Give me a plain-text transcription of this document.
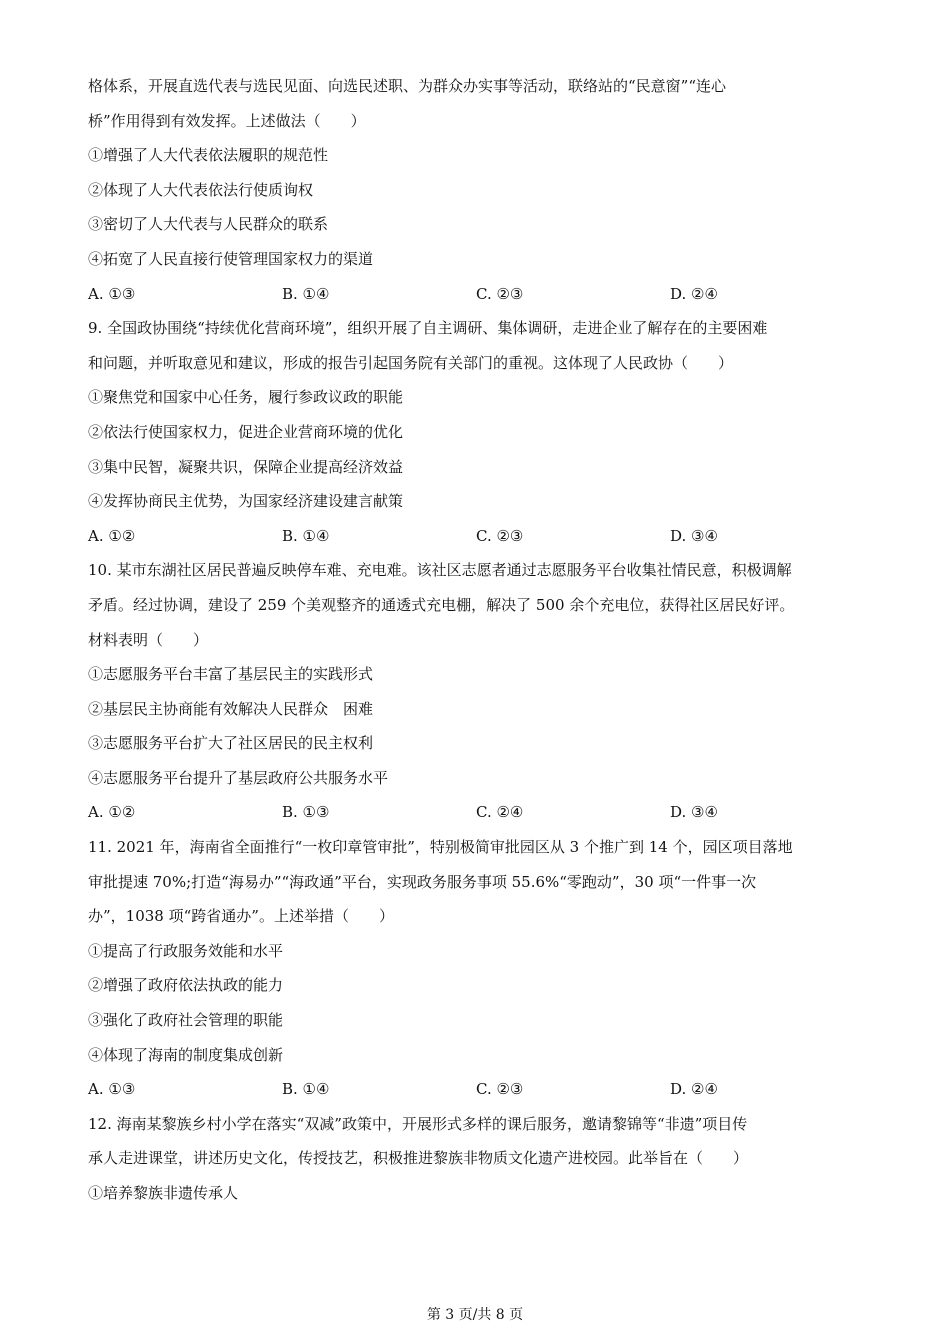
格体系，开展直选代表与选民见面、向选民述职、为群众办实事等活动，联络站的“民意窗”“连心
桥”作用得到有效发挥。上述做法（　　）
①增强了人大代表依法履职的规范性
②体现了人大代表依法行使质询权
③密切了人大代表与人民群众的联系
④拓宽了人民直接行使管理国家权力的渠道
A. ①③	B. ①④	C. ②③	D. ②④
9. 全国政协围绕“持续优化营商环境”，组织开展了自主调研、集体调研，走进企业了解存在的主要困难
和问题，并听取意见和建议，形成的报告引起国务院有关部门的重视。这体现了人民政协（　　）
①聚焦党和国家中心任务，履行参政议政的职能
②依法行使国家权力，促进企业营商环境的优化
③集中民智，凝聚共识，保障企业提高经济效益
④发挥协商民主优势，为国家经济建设建言献策
A. ①②	B. ①④	C. ②③	D. ③④
10. 某市东湖社区居民普遍反映停车难、充电难。该社区志愿者通过志愿服务平台收集社情民意，积极调解
矛盾。经过协调，建设了 259 个美观整齐的通透式充电棚，解决了 500 余个充电位，获得社区居民好评。
材料表明（　　）
①志愿服务平台丰富了基层民主的实践形式
②基层民主协商能有效解决人民群众　困难
③志愿服务平台扩大了社区居民的民主权利
④志愿服务平台提升了基层政府公共服务水平
A. ①②	B. ①③	C. ②④	D. ③④
11. 2021 年，海南省全面推行“一枚印章管审批”，特别极简审批园区从 3 个推广到 14 个，园区项目落地
审批提速 70%;打造“海易办”“海政通”平台，实现政务服务事项 55.6%“零跑动”，30 项“一件事一次
办”，1038 项“跨省通办”。上述举措（　　）
①提高了行政服务效能和水平
②增强了政府依法执政的能力
③强化了政府社会管理的职能
④体现了海南的制度集成创新
A. ①③	B. ①④	C. ②③	D. ②④
12. 海南某黎族乡村小学在落实“双减”政策中，开展形式多样的课后服务，邀请黎锦等“非遗”项目传
承人走进课堂，讲述历史文化，传授技艺，积极推进黎族非物质文化遗产进校园。此举旨在（　　）
①培养黎族非遗传承人
第 3 页/共 8 页
